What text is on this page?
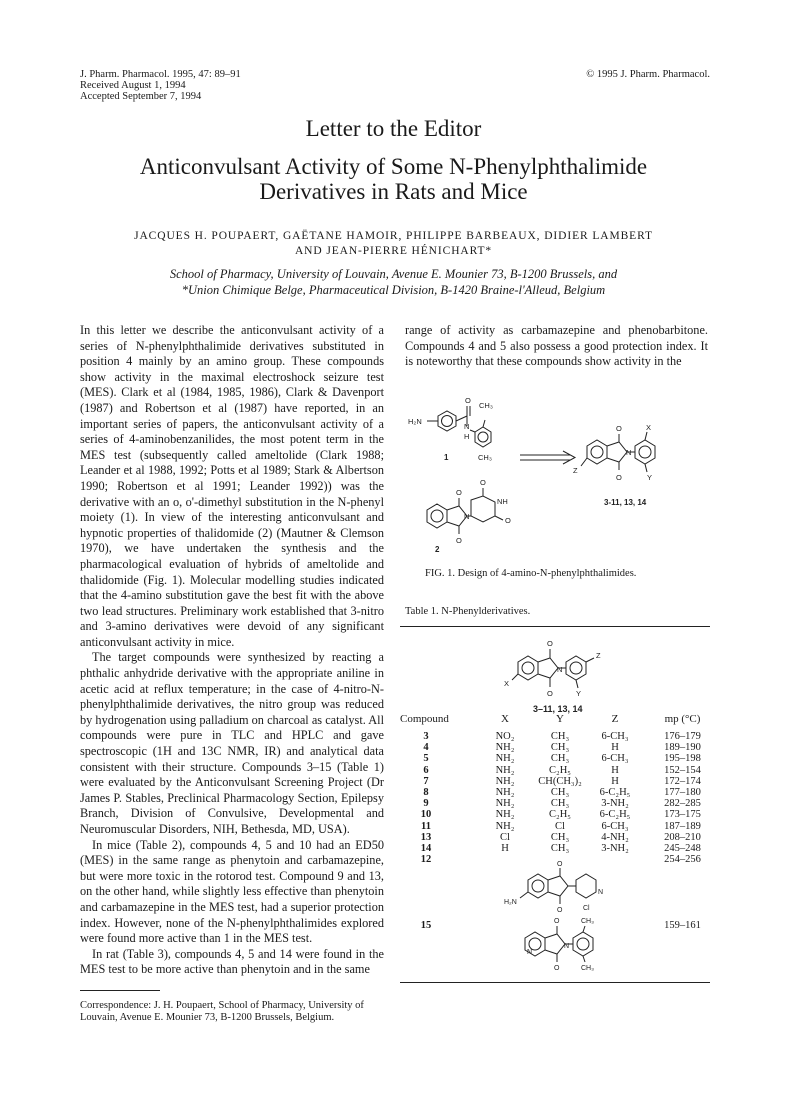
J. Pharm. Pharmacol. 1995, 47: 89–91
Received August 1, 1994
Accepted September 7, 1994
© 1995 J. Pharm. Pharmacol.
Letter to the Editor
Anticonvulsant Activity of Some N-Phenylphthalimide
Derivatives in Rats and Mice
JACQUES H. POUPAERT, GAËTANE HAMOIR, PHILIPPE BARBEAUX, DIDIER LAMBERT
AND JEAN-PIERRE HÉNICHART*
School of Pharmacy, University of Louvain, Avenue E. Mounier 73, B-1200 Brussels, and
*Union Chimique Belge, Pharmaceutical Division, B-1420 Braine-l'Alleud, Belgium

In this letter we describe the anticonvulsant activity of a series of N-phenylphthalimide derivatives substituted in position 4 mainly by an amino group. These compounds show activity in the maximal electroshock seizure test (MES). Clark et al (1984, 1985, 1986), Clark & Davenport (1987) and Robertson et al (1987) have reported, in an important series of papers, the anticonvulsant activity of a series of 4-aminobenzanilides, the most potent term in the MES test (subsequently called ameltolide (Clark 1988; Leander et al 1988, 1992; Potts et al 1989; Stark & Albertson 1990; Robertson et al 1991; Leander 1992)) was the derivative with an o, o'-dimethyl substitution in the N-phenyl moiety (1). In view of the interesting anticonvulsant and hypnotic properties of thalidomide (2) (Mautner & Clemson 1970), we have undertaken the synthesis and the pharmacological evaluation of hybrids of ameltolide and thalidomide (Fig. 1). Molecular modelling studies indicated that the 4-amino substitution gave the best fit with the above two lead structures. Preliminary work established that 3-nitro and 3-amino derivatives were devoid of any significant anticonvulsant activity in mice.

The target compounds were synthesized by reacting a phthalic anhydride derivative with the appropriate aniline in acetic acid at reflux temperature; in the case of 4-nitro-N-phenylphthalimide derivatives, the nitro group was reduced by hydrogenation using palladium on charcoal as catalyst. All compounds were pure in TLC and HPLC and gave spectroscopic (1H and 13C NMR, IR) and analytical data consistent with their structure. Compounds 3–15 (Table 1) were evaluated by the Anticonvulsant Screening Project (Dr James P. Stables, Preclinical Pharmacology Section, Epilepsy Branch, Division of Convulsive, Developmental and Neuromuscular Disorders, NIH, Bethesda, MD, USA).

In mice (Table 2), compounds 4, 5 and 10 had an ED50 (MES) in the same range as phenytoin and carbamazepine, but were more toxic in the rotorod test. Compound 9 and 13, on the other hand, while slightly less effective than phenytoin and carbamazepine in the MES test, had a superior protection index. However, none of the N-phenylphthalimides explored were found more active than 1 in the MES test.

In rat (Table 3), compounds 4, 5 and 14 were found in the MES test to be more active than phenytoin and in the same

Correspondence: J. H. Poupaert, School of Pharmacy, University of Louvain, Avenue E. Mounier 73, B-1200 Brussels, Belgium.

range of activity as carbamazepine and phenobarbitone. Compounds 4 and 5 also possess a good protection index. It is noteworthy that these compounds show activity in the

H₂N
O
CH₃
N
H
CH₃
O	X
N
Z
O	Y
O
O
NH
N	O
O
1
2
3-11, 13, 14
FIG. 1. Design of 4-amino-N-phenylphthalimides.
Table 1. N-Phenylderivatives.
O
N
Z
X
Y
O
3–11, 13, 14
Compound	X	Y	Z	mp (°C)
3	NO₂	CH₃	6-CH₃	176–179
4	NH₂	CH₃	H	189–190
5	NH₂	CH₃	6-CH₃	195–198
6	NH₂	C₂H₅	H	152–154
7	NH₂	CH(CH₃)₂	H	172–174
8	NH₂	CH₃	6-C₂H₅	177–180
9	NH₂	CH₃	3-NH₂	282–285
10	NH₂	C₂H₅	6-C₂H₅	173–175
11	NH₂	Cl	6-CH₃	187–189
13	Cl	CH₃	4-NH₂	208–210
14	H	CH₃	3-NH₂	245–248
12	254–256
O
H₂N
O
N
Cl
15	159–161
O	CH₃
N
N
O	CH₃
